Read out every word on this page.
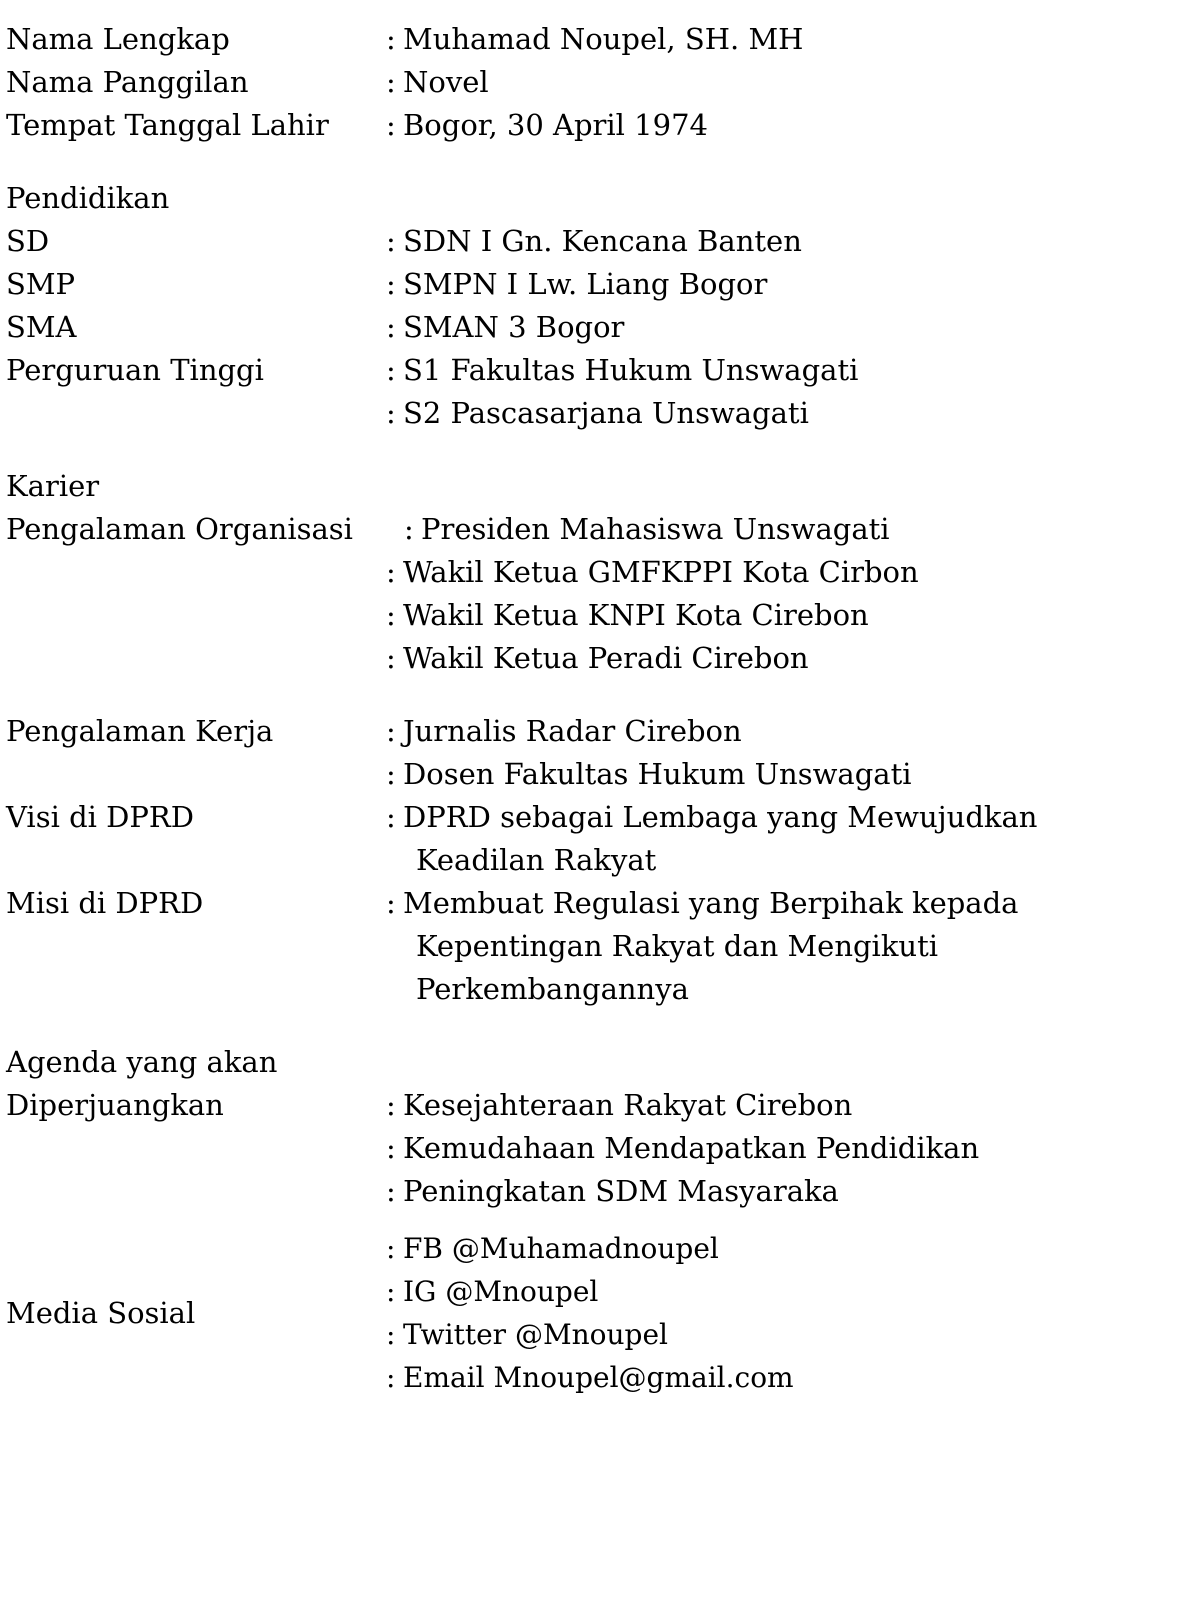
Nama Lengkap	: Muhamad Noupel, SH. MH
Nama Panggilan	: Novel
Tempat Tanggal Lahir	: Bogor, 30 April 1974
Pendidikan
SD	: SDN I Gn. Kencana Banten
SMP	: SMPN I Lw. Liang Bogor
SMA	: SMAN 3 Bogor
Perguruan Tinggi	: S1 Fakultas Hukum Unswagati
: S2 Pascasarjana Unswagati
Karier
Pengalaman Organisasi	: Presiden Mahasiswa Unswagati
: Wakil Ketua GMFKPPI Kota Cirbon
: Wakil Ketua KNPI Kota Cirebon
: Wakil Ketua Peradi Cirebon
Pengalaman Kerja	: Jurnalis Radar Cirebon
: Dosen Fakultas Hukum Unswagati
Visi di DPRD	: DPRD sebagai Lembaga yang Mewujudkan
Keadilan Rakyat
Misi di DPRD	: Membuat Regulasi yang Berpihak kepada
Kepentingan Rakyat dan Mengikuti
Perkembangannya
Agenda yang akan
Diperjuangkan	: Kesejahteraan Rakyat Cirebon
: Kemudahaan Mendapatkan Pendidikan
: Peningkatan SDM Masyaraka
Media Sosial
: FB @Muhamadnoupel
: IG @Mnoupel
: Twitter @Mnoupel
: Email Mnoupel@gmail.com
